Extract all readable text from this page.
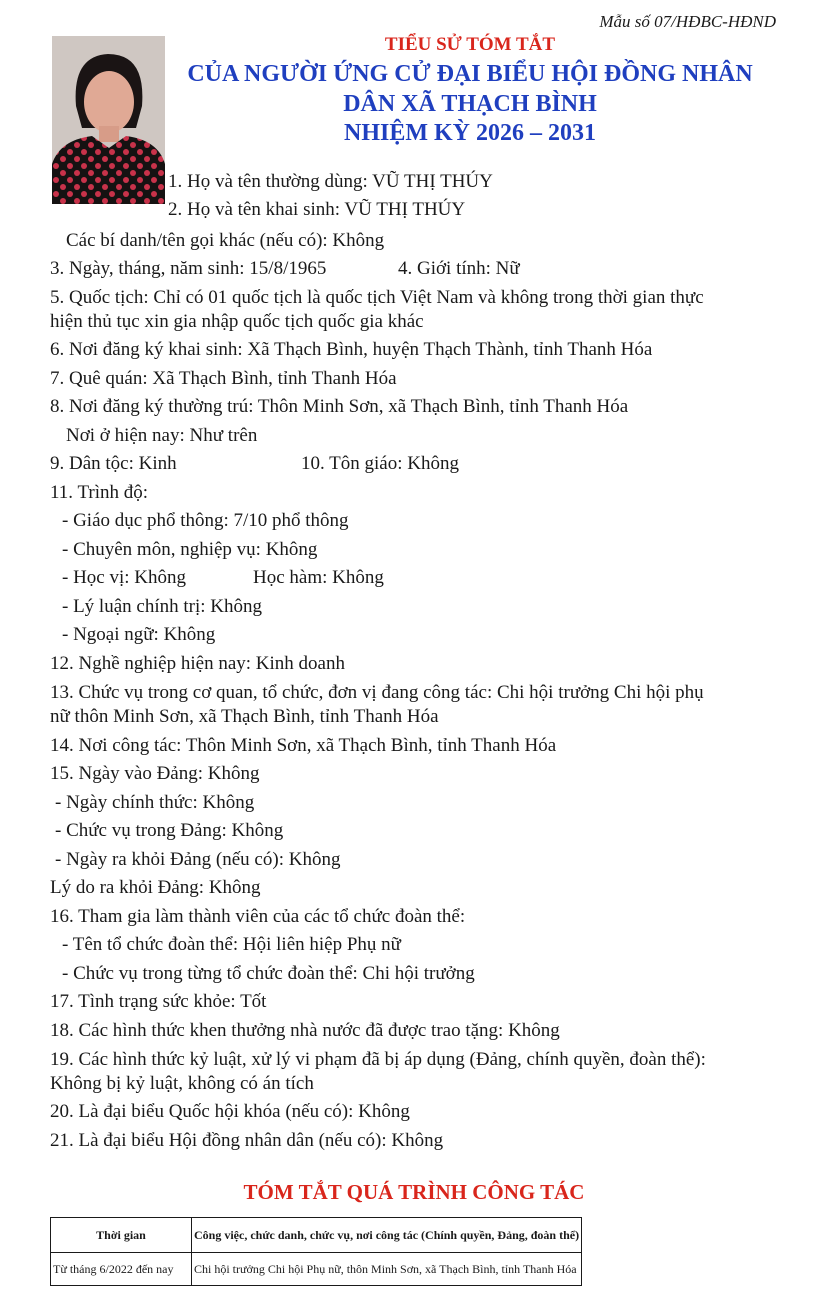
Mẫu số 07/HĐBC-HĐND
TIỂU SỬ TÓM TẮT
CỦA NGƯỜI ỨNG CỬ ĐẠI BIỂU HỘI ĐỒNG NHÂN
DÂN XÃ THẠCH BÌNH
NHIỆM KỲ 2026 – 2031
1. Họ và tên thường dùng: VŨ THỊ THÚY
2. Họ và tên khai sinh: VŨ THỊ THÚY
Các bí danh/tên gọi khác (nếu có): Không
3. Ngày, tháng, năm sinh: 15/8/1965	4. Giới tính: Nữ
5. Quốc tịch: Chỉ có 01 quốc tịch là quốc tịch Việt Nam và không trong thời gian thực
hiện thủ tục xin gia nhập quốc tịch quốc gia khác
6. Nơi đăng ký khai sinh: Xã Thạch Bình, huyện Thạch Thành, tỉnh Thanh Hóa
7. Quê quán: Xã Thạch Bình, tỉnh Thanh Hóa
8. Nơi đăng ký thường trú: Thôn Minh Sơn, xã Thạch Bình, tỉnh Thanh Hóa
Nơi ở hiện nay: Như trên
9. Dân tộc: Kinh	10. Tôn giáo: Không
11. Trình độ:
- Giáo dục phổ thông: 7/10 phổ thông
- Chuyên môn, nghiệp vụ: Không
- Học vị: Không	Học hàm: Không
- Lý luận chính trị: Không
- Ngoại ngữ: Không
12. Nghề nghiệp hiện nay: Kinh doanh
13. Chức vụ trong cơ quan, tổ chức, đơn vị đang công tác: Chi hội trưởng Chi hội phụ
nữ thôn Minh Sơn, xã Thạch Bình, tỉnh Thanh Hóa
14. Nơi công tác: Thôn Minh Sơn, xã Thạch Bình, tỉnh Thanh Hóa
15. Ngày vào Đảng: Không
- Ngày chính thức: Không
- Chức vụ trong Đảng: Không
- Ngày ra khỏi Đảng (nếu có): Không
Lý do ra khỏi Đảng: Không
16. Tham gia làm thành viên của các tổ chức đoàn thể:
- Tên tổ chức đoàn thể: Hội liên hiệp Phụ nữ
- Chức vụ trong từng tổ chức đoàn thể: Chi hội trưởng
17. Tình trạng sức khỏe: Tốt
18. Các hình thức khen thưởng nhà nước đã được trao tặng: Không
19. Các hình thức kỷ luật, xử lý vi phạm đã bị áp dụng (Đảng, chính quyền, đoàn thể):
Không bị kỷ luật, không có án tích
20. Là đại biểu Quốc hội khóa (nếu có): Không
21. Là đại biểu Hội đồng nhân dân (nếu có): Không
TÓM TẮT QUÁ TRÌNH CÔNG TÁC
Thời gian	Công việc, chức danh, chức vụ, nơi công tác (Chính quyền, Đảng, đoàn thể)
Từ tháng 6/2022 đến nay	Chi hội trưởng Chi hội Phụ nữ, thôn Minh Sơn, xã Thạch Bình, tỉnh Thanh Hóa
